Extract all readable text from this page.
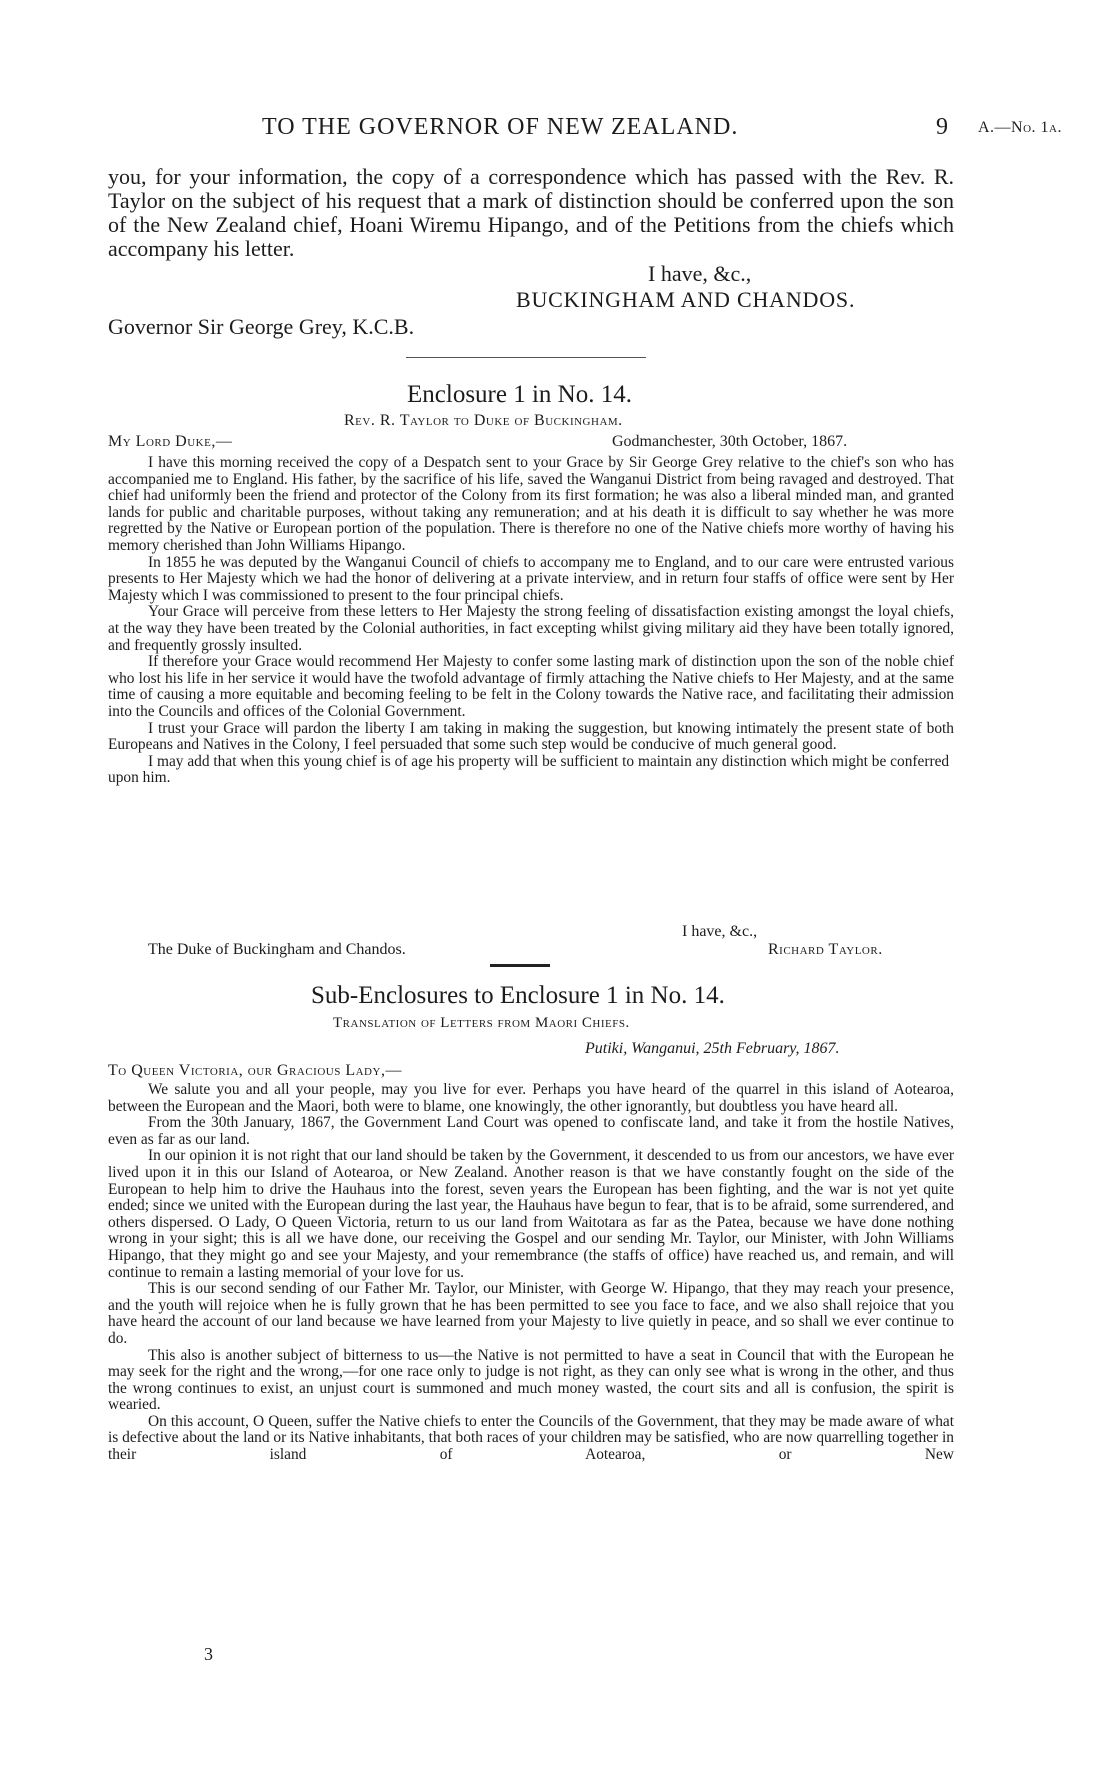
TO THE GOVERNOR OF NEW ZEALAND.	9 A.—No. 1a.

you, for your information, the copy of a correspondence which has passed with the Rev. R. Taylor on the subject of his request that a mark of distinction should be conferred upon the son of the New Zealand chief, Hoani Wiremu Hipango, and of the Petitions from the chiefs which accompany his letter.

I have, &c.,
BUCKINGHAM AND CHANDOS.
Governor Sir George Grey, K.C.B.
Enclosure 1 in No. 14.
Rev. R. Taylor to Duke of Buckingham.
My Lord Duke,—	Godmanchester, 30th October, 1867.

I have this morning received the copy of a Despatch sent to your Grace by Sir George Grey relative to the chief's son who has accompanied me to England. His father, by the sacrifice of his life, saved the Wanganui District from being ravaged and destroyed. That chief had uniformly been the friend and protector of the Colony from its first formation; he was also a liberal minded man, and granted lands for public and charitable purposes, without taking any remuneration; and at his death it is difficult to say whether he was more regretted by the Native or European portion of the population. There is therefore no one of the Native chiefs more worthy of having his memory cherished than John Williams Hipango.

In 1855 he was deputed by the Wanganui Council of chiefs to accompany me to England, and to our care were entrusted various presents to Her Majesty which we had the honor of delivering at a private interview, and in return four staffs of office were sent by Her Majesty which I was commissioned to present to the four principal chiefs.

Your Grace will perceive from these letters to Her Majesty the strong feeling of dissatisfaction existing amongst the loyal chiefs, at the way they have been treated by the Colonial authorities, in fact excepting whilst giving military aid they have been totally ignored, and frequently grossly insulted.

If therefore your Grace would recommend Her Majesty to confer some lasting mark of distinction upon the son of the noble chief who lost his life in her service it would have the twofold advantage of firmly attaching the Native chiefs to Her Majesty, and at the same time of causing a more equitable and becoming feeling to be felt in the Colony towards the Native race, and facilitating their admission into the Councils and offices of the Colonial Government.

I trust your Grace will pardon the liberty I am taking in making the suggestion, but knowing intimately the present state of both Europeans and Natives in the Colony, I feel persuaded that some such step would be conducive of much general good.

I may add that when this young chief is of age his property will be sufficient to maintain any distinction which might be conferred upon him.

I have, &c.,
The Duke of Buckingham and Chandos.	Richard Taylor.
Sub-Enclosures to Enclosure 1 in No. 14.
Translation of Letters from Maori Chiefs.
Putiki, Wanganui, 25th February, 1867.
To Queen Victoria, our Gracious Lady,—

We salute you and all your people, may you live for ever. Perhaps you have heard of the quarrel in this island of Aotearoa, between the European and the Maori, both were to blame, one knowingly, the other ignorantly, but doubtless you have heard all.

From the 30th January, 1867, the Government Land Court was opened to confiscate land, and take it from the hostile Natives, even as far as our land.

In our opinion it is not right that our land should be taken by the Government, it descended to us from our ancestors, we have ever lived upon it in this our Island of Aotearoa, or New Zealand. Another reason is that we have constantly fought on the side of the European to help him to drive the Hauhaus into the forest, seven years the European has been fighting, and the war is not yet quite ended; since we united with the European during the last year, the Hauhaus have begun to fear, that is to be afraid, some surrendered, and others dispersed. O Lady, O Queen Victoria, return to us our land from Waitotara as far as the Patea, because we have done nothing wrong in your sight; this is all we have done, our receiving the Gospel and our sending Mr. Taylor, our Minister, with John Williams Hipango, that they might go and see your Majesty, and your remembrance (the staffs of office) have reached us, and remain, and will continue to remain a lasting memorial of your love for us.

This is our second sending of our Father Mr. Taylor, our Minister, with George W. Hipango, that they may reach your presence, and the youth will rejoice when he is fully grown that he has been permitted to see you face to face, and we also shall rejoice that you have heard the account of our land because we have learned from your Majesty to live quietly in peace, and so shall we ever continue to do.

This also is another subject of bitterness to us—the Native is not permitted to have a seat in Council that with the European he may seek for the right and the wrong,—for one race only to judge is not right, as they can only see what is wrong in the other, and thus the wrong continues to exist, an unjust court is summoned and much money wasted, the court sits and all is confusion, the spirit is wearied.

On this account, O Queen, suffer the Native chiefs to enter the Councils of the Government, that they may be made aware of what is defective about the land or its Native inhabitants, that both races of your children may be satisfied, who are now quarrelling together in their island of Aotearoa, or New

3
